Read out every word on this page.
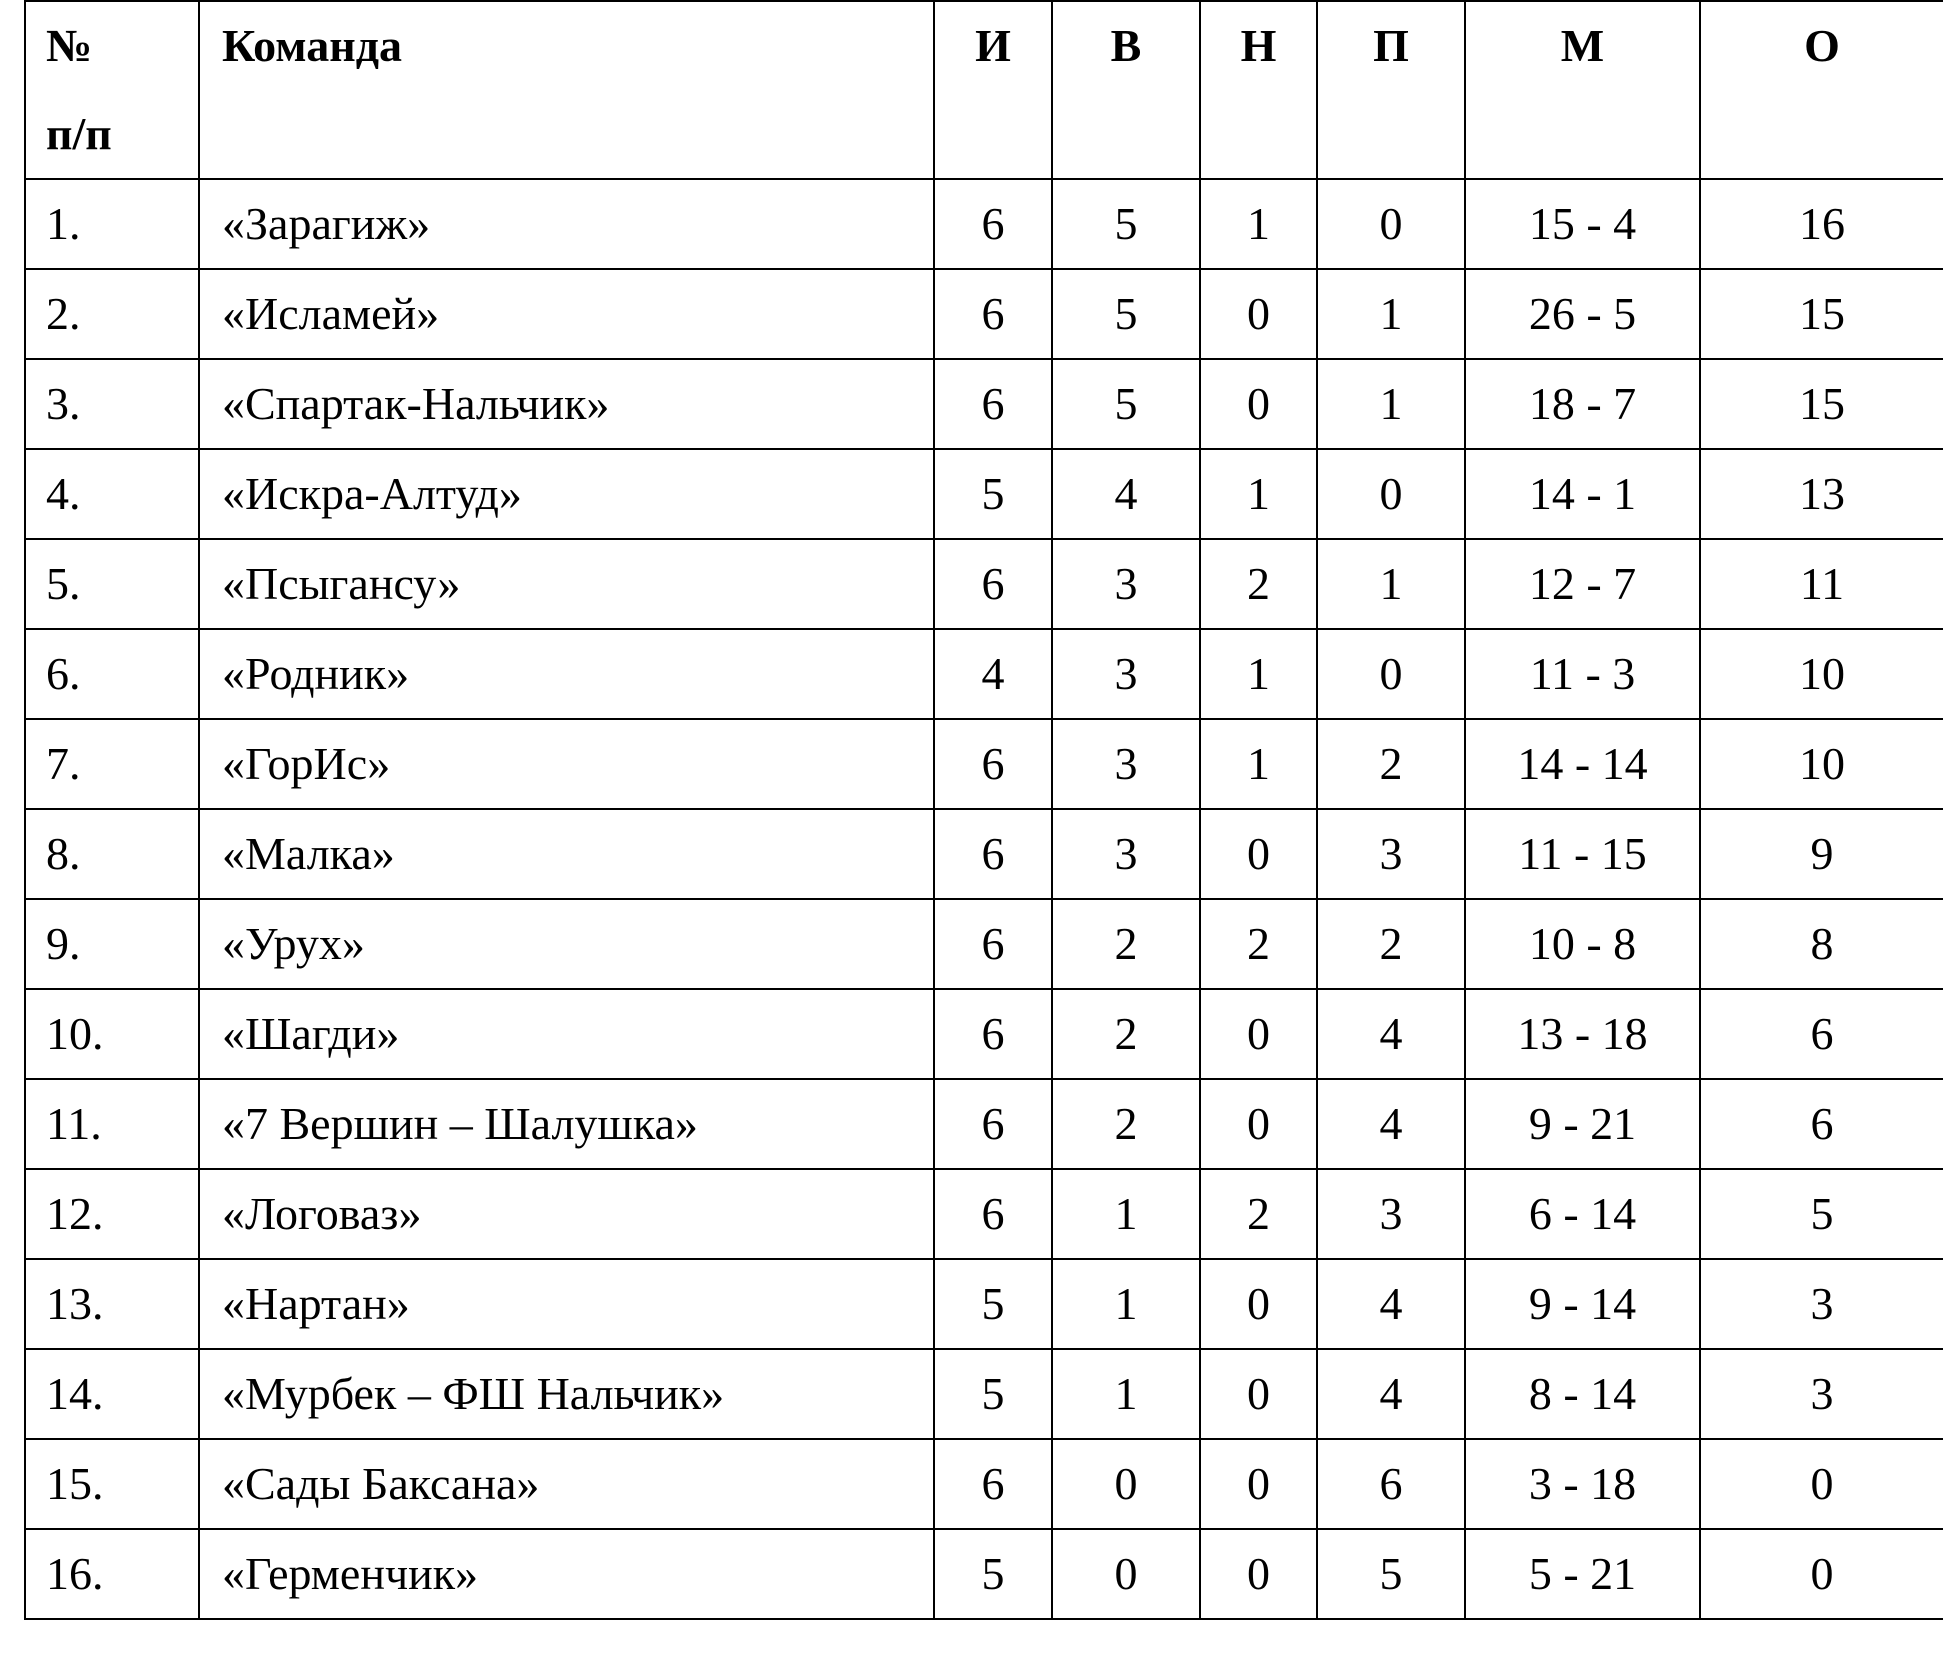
№
п/п	Команда	И	В	Н	П	М	О
1.	«Зарагиж»	6	5	1	0	15 - 4	16
2.	«Исламей»	6	5	0	1	26 - 5	15
3.	«Спартак-Нальчик»	6	5	0	1	18 - 7	15
4.	«Искра-Алтуд»	5	4	1	0	14 - 1	13
5.	«Псыгансу»	6	3	2	1	12 - 7	11
6.	«Родник»	4	3	1	0	11 - 3	10
7.	«ГорИс»	6	3	1	2	14 - 14	10
8.	«Малка»	6	3	0	3	11 - 15	9
9.	«Урух»	6	2	2	2	10 - 8	8
10.	«Шагди»	6	2	0	4	13 - 18	6
11.	«7 Вершин – Шалушка»	6	2	0	4	9 - 21	6
12.	«Логоваз»	6	1	2	3	6 - 14	5
13.	«Нартан»	5	1	0	4	9 - 14	3
14.	«Мурбек – ФШ Нальчик»	5	1	0	4	8 - 14	3
15.	«Сады Баксана»	6	0	0	6	3 - 18	0
16.	«Герменчик»	5	0	0	5	5 - 21	0
